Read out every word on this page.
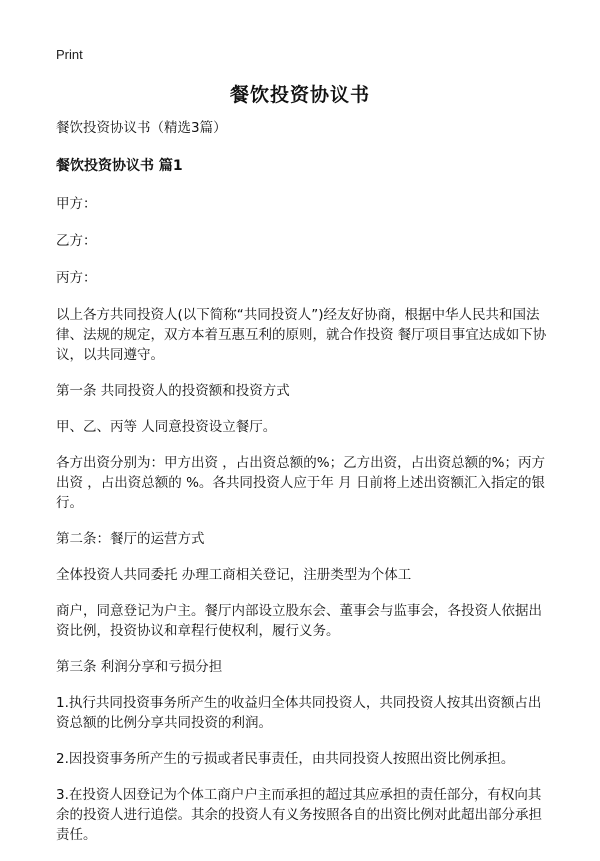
Print
餐饮投资协议书
餐饮投资协议书（精选3篇）
餐饮投资协议书 篇1
甲方：
乙方：
丙方：
以上各方共同投资人(以下简称“共同投资人”)经友好协商，根据中华人民共和国法律、法规的规定，双方本着互惠互利的原则，就合作投资 餐厅项目事宜达成如下协议，以共同遵守。
第一条 共同投资人的投资额和投资方式
甲、乙、丙等 人同意投资设立餐厅。
各方出资分别为：甲方出资 ，占出资总额的%；乙方出资，占出资总额的%；丙方出资 ，占出资总额的 %。各共同投资人应于年 月 日前将上述出资额汇入指定的银行。
第二条：餐厅的运营方式
全体投资人共同委托 办理工商相关登记，注册类型为个体工
商户，同意登记为户主。餐厅内部设立股东会、董事会与监事会，各投资人依据出资比例，投资协议和章程行使权利，履行义务。
第三条 利润分享和亏损分担
1.执行共同投资事务所产生的收益归全体共同投资人，共同投资人按其出资额占出资总额的比例分享共同投资的利润。
2.因投资事务所产生的亏损或者民事责任，由共同投资人按照出资比例承担。
3.在投资人因登记为个体工商户户主而承担的超过其应承担的责任部分，有权向其余的投资人进行追偿。其余的投资人有义务按照各自的出资比例对此超出部分承担责任。
